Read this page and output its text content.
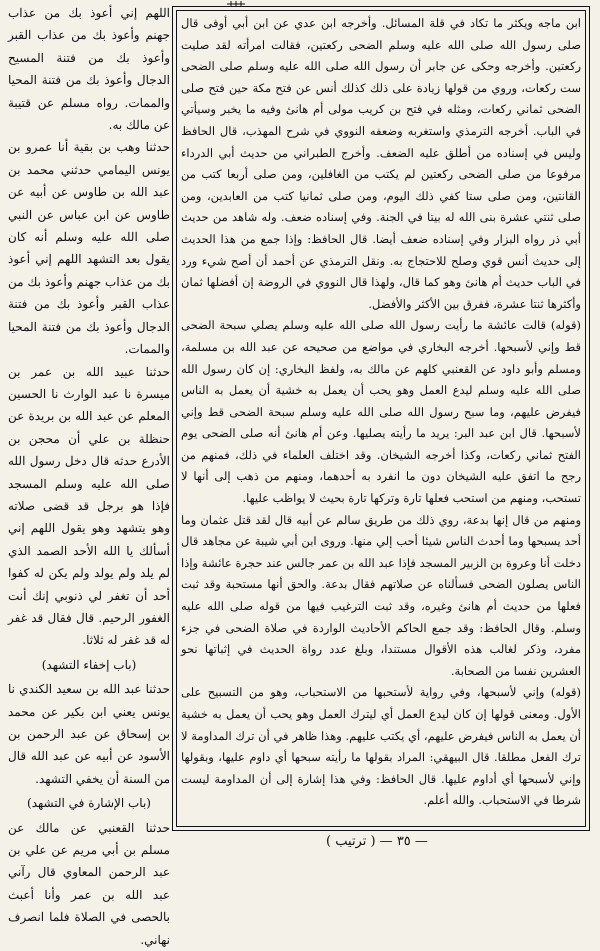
اللهم إني أعوذ بك من عذاب جهنم وأعوذ بك من عذاب القبر وأعوذ بك من فتنة المسيح الدجال وأعوذ بك من فتنة المحيا والممات. رواه مسلم عن قتيبة عن مالك به.

حدثنا وهب بن بقية أنا عمرو بن يونس اليمامي حدثني محمد بن عبد الله بن طاوس عن أبيه عن طاوس عن ابن عباس عن النبي صلى الله عليه وسلم أنه كان يقول بعد التشهد اللهم إني أعوذ بك من عذاب جهنم وأعوذ بك من عذاب القبر وأعوذ بك من فتنة الدجال وأعوذ بك من فتنة المحيا والممات.

حدثنا عبيد الله بن عمر بن ميسرة نا عبد الوارث نا الحسين المعلم عن عبد الله بن بريدة عن حنظلة بن علي أن محجن بن الأدرع حدثه قال دخل رسول الله صلى الله عليه وسلم المسجد فإذا هو برجل قد قضى صلاته وهو يتشهد وهو يقول اللهم إني أسألك يا الله الأحد الصمد الذي لم يلد ولم يولد ولم يكن له كفوا أحد أن تغفر لي ذنوبي إنك أنت الغفور الرحيم. قال فقال قد غفر له قد غفر له ثلاثا.

(باب إخفاء التشهد)

حدثنا عبد الله بن سعيد الكندي نا يونس يعني ابن بكير عن محمد بن إسحاق عن عبد الرحمن بن الأسود عن أبيه عن عبد الله قال من السنة أن يخفي التشهد.

(باب الإشارة في التشهد)

حدثنا القعنبي عن مالك عن مسلم بن أبي مريم عن علي بن عبد الرحمن المعاوي قال رآني عبد الله بن عمر وأنا أعبث بالحصى في الصلاة فلما انصرف نهاني.

ابن ماجه ويكثر ما تكاد في قلة المسائل. وأخرجه ابن عدي عن ابن أبي أوفى قال صلى رسول الله صلى الله عليه وسلم الضحى ركعتين، فقالت امرأته لقد صليت ركعتين. وأخرجه وحكى عن جابر أن رسول الله صلى الله عليه وسلم صلى الضحى ست ركعات، وروي من قولها زيادة على ذلك كذلك أنس عن فتح مكة حين فتح صلى الضحى ثماني ركعات، ومثله في فتح بن كريب مولى أم هانئ وفيه ما يخبر وسيأتي في الباب. أخرجه الترمذي واستغربه وضعفه النووي في شرح المهذب، قال الحافظ وليس في إسناده من أطلق عليه الضعف. وأخرج الطبراني من حديث أبي الدرداء مرفوعا من صلى الضحى ركعتين لم يكتب من الغافلين، ومن صلى أربعا كتب من القانتين، ومن صلى ستا كفي ذلك اليوم، ومن صلى ثمانيا كتب من العابدين، ومن صلى ثنتي عشرة بنى الله له بيتا في الجنة. وفي إسناده ضعف. وله شاهد من حديث أبي ذر رواه البزار وفي إسناده ضعف أيضا. قال الحافظ: وإذا جمع من هذا الحديث إلى حديث أنس قوي وصلح للاحتجاج به. ونقل الترمذي عن أحمد أن أصح شيء ورد في الباب حديث أم هانئ وهو كما قال، ولهذا قال النووي في الروضة إن أفضلها ثمان وأكثرها ثنتا عشرة، ففرق بين الأكثر والأفضل.

(قوله) قالت عائشة ما رأيت رسول الله صلى الله عليه وسلم يصلي سبحة الضحى قط وإني لأسبحها. أخرجه البخاري في مواضع من صحيحه عن عبد الله بن مسلمة، ومسلم وأبو داود عن القعنبي كلهم عن مالك به، ولفظ البخاري: إن كان رسول الله صلى الله عليه وسلم ليدع العمل وهو يحب أن يعمل به خشية أن يعمل به الناس فيفرض عليهم، وما سبح رسول الله صلى الله عليه وسلم سبحة الضحى قط وإني لأسبحها. قال ابن عبد البر: يريد ما رأيته يصليها. وعن أم هانئ أنه صلى الضحى يوم الفتح ثماني ركعات، وكذا أخرجه الشيخان. وقد اختلف العلماء في ذلك، فمنهم من رجح ما اتفق عليه الشيخان دون ما انفرد به أحدهما، ومنهم من ذهب إلى أنها لا تستحب، ومنهم من استحب فعلها تارة وتركها تارة بحيث لا يواظب عليها.

ومنهم من قال إنها بدعة، روي ذلك من طريق سالم عن أبيه قال لقد قتل عثمان وما أحد يسبحها وما أحدث الناس شيئا أحب إلي منها. وروى ابن أبي شيبة عن مجاهد قال دخلت أنا وعروة بن الزبير المسجد فإذا عبد الله بن عمر جالس عند حجرة عائشة وإذا الناس يصلون الضحى فسألناه عن صلاتهم فقال بدعة. والحق أنها مستحبة وقد ثبت فعلها من حديث أم هانئ وغيره، وقد ثبت الترغيب فيها من قوله صلى الله عليه وسلم. وقال الحافظ: وقد جمع الحاكم الأحاديث الواردة في صلاة الضحى في جزء مفرد، وذكر لغالب هذه الأقوال مستندا، وبلغ عدد رواة الحديث في إثباتها نحو العشرين نفسا من الصحابة.

(قوله) وإني لأسبحها، وفي رواية لأستحبها من الاستحباب، وهو من التسبيح على الأول. ومعنى قولها إن كان ليدع العمل أي ليترك العمل وهو يحب أن يعمل به خشية أن يعمل به الناس فيفرض عليهم، أي يكتب عليهم. وهذا ظاهر في أن ترك المداومة لا ترك الفعل مطلقا. قال البيهقي: المراد بقولها ما رأيته سبحها أي داوم عليها، وبقولها وإني لأسبحها أي أداوم عليها. قال الحافظ: وفي هذا إشارة إلى أن المداومة ليست شرطا في الاستحباب. والله أعلم.

— ٣٥ — ( ترتيب )
